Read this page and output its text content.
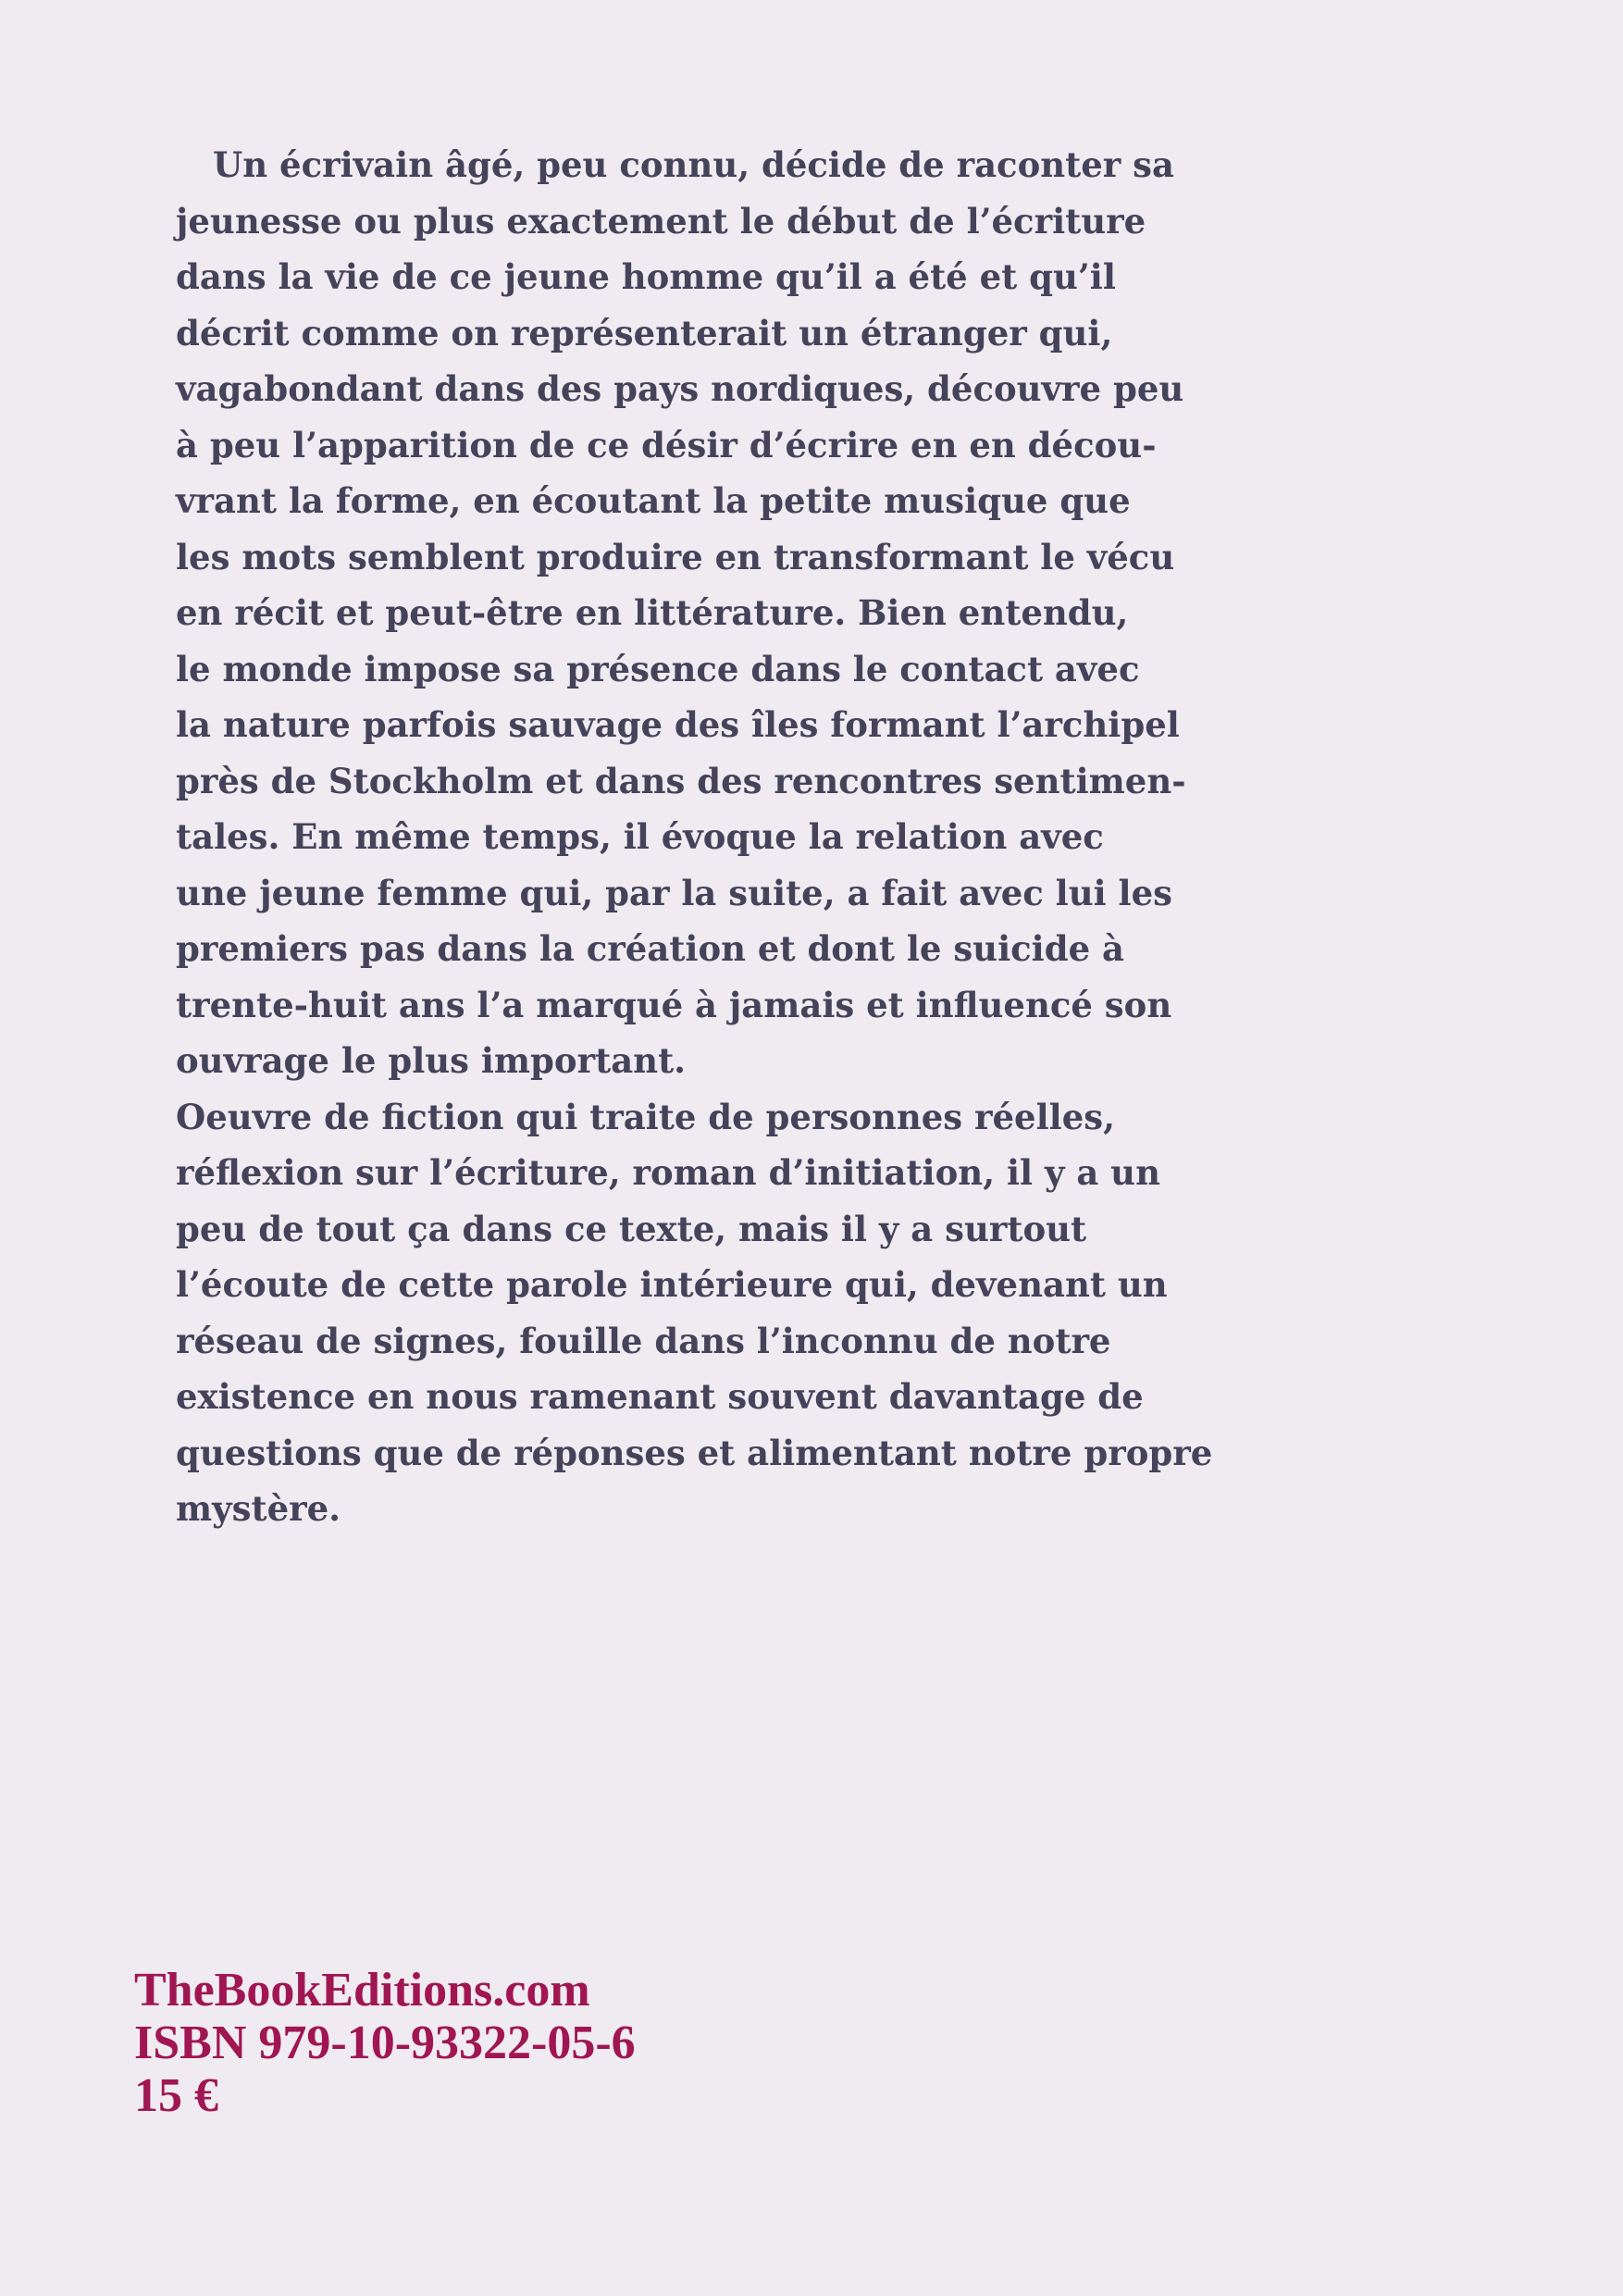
Un écrivain âgé, peu connu, décide de raconter sa
jeunesse ou plus exactement le début de l’écriture
dans la vie de ce jeune homme qu’il a été et qu’il
décrit comme on représenterait un étranger qui,
vagabondant dans des pays nordiques, découvre peu
à peu l’apparition de ce désir d’écrire en en décou-
vrant la forme, en écoutant la petite musique que
les mots semblent produire en transformant le vécu
en récit et peut-être en littérature. Bien entendu,
le monde impose sa présence dans le contact avec
la nature parfois sauvage des îles formant l’archipel
près de Stockholm et dans des rencontres sentimen-
tales. En même temps, il évoque la relation avec
une jeune femme qui, par la suite, a fait avec lui les
premiers pas dans la création et dont le suicide à
trente-huit ans l’a marqué à jamais et influencé son
ouvrage le plus important.
Oeuvre de fiction qui traite de personnes réelles,
réflexion sur l’écriture, roman d’initiation, il y a un
peu de tout ça dans ce texte, mais il y a surtout
l’écoute de cette parole intérieure qui, devenant un
réseau de signes, fouille dans l’inconnu de notre
existence en nous ramenant souvent davantage de
questions que de réponses et alimentant notre propre
mystère.
TheBookEditions.com
ISBN 979-10-93322-05-6
15 €
